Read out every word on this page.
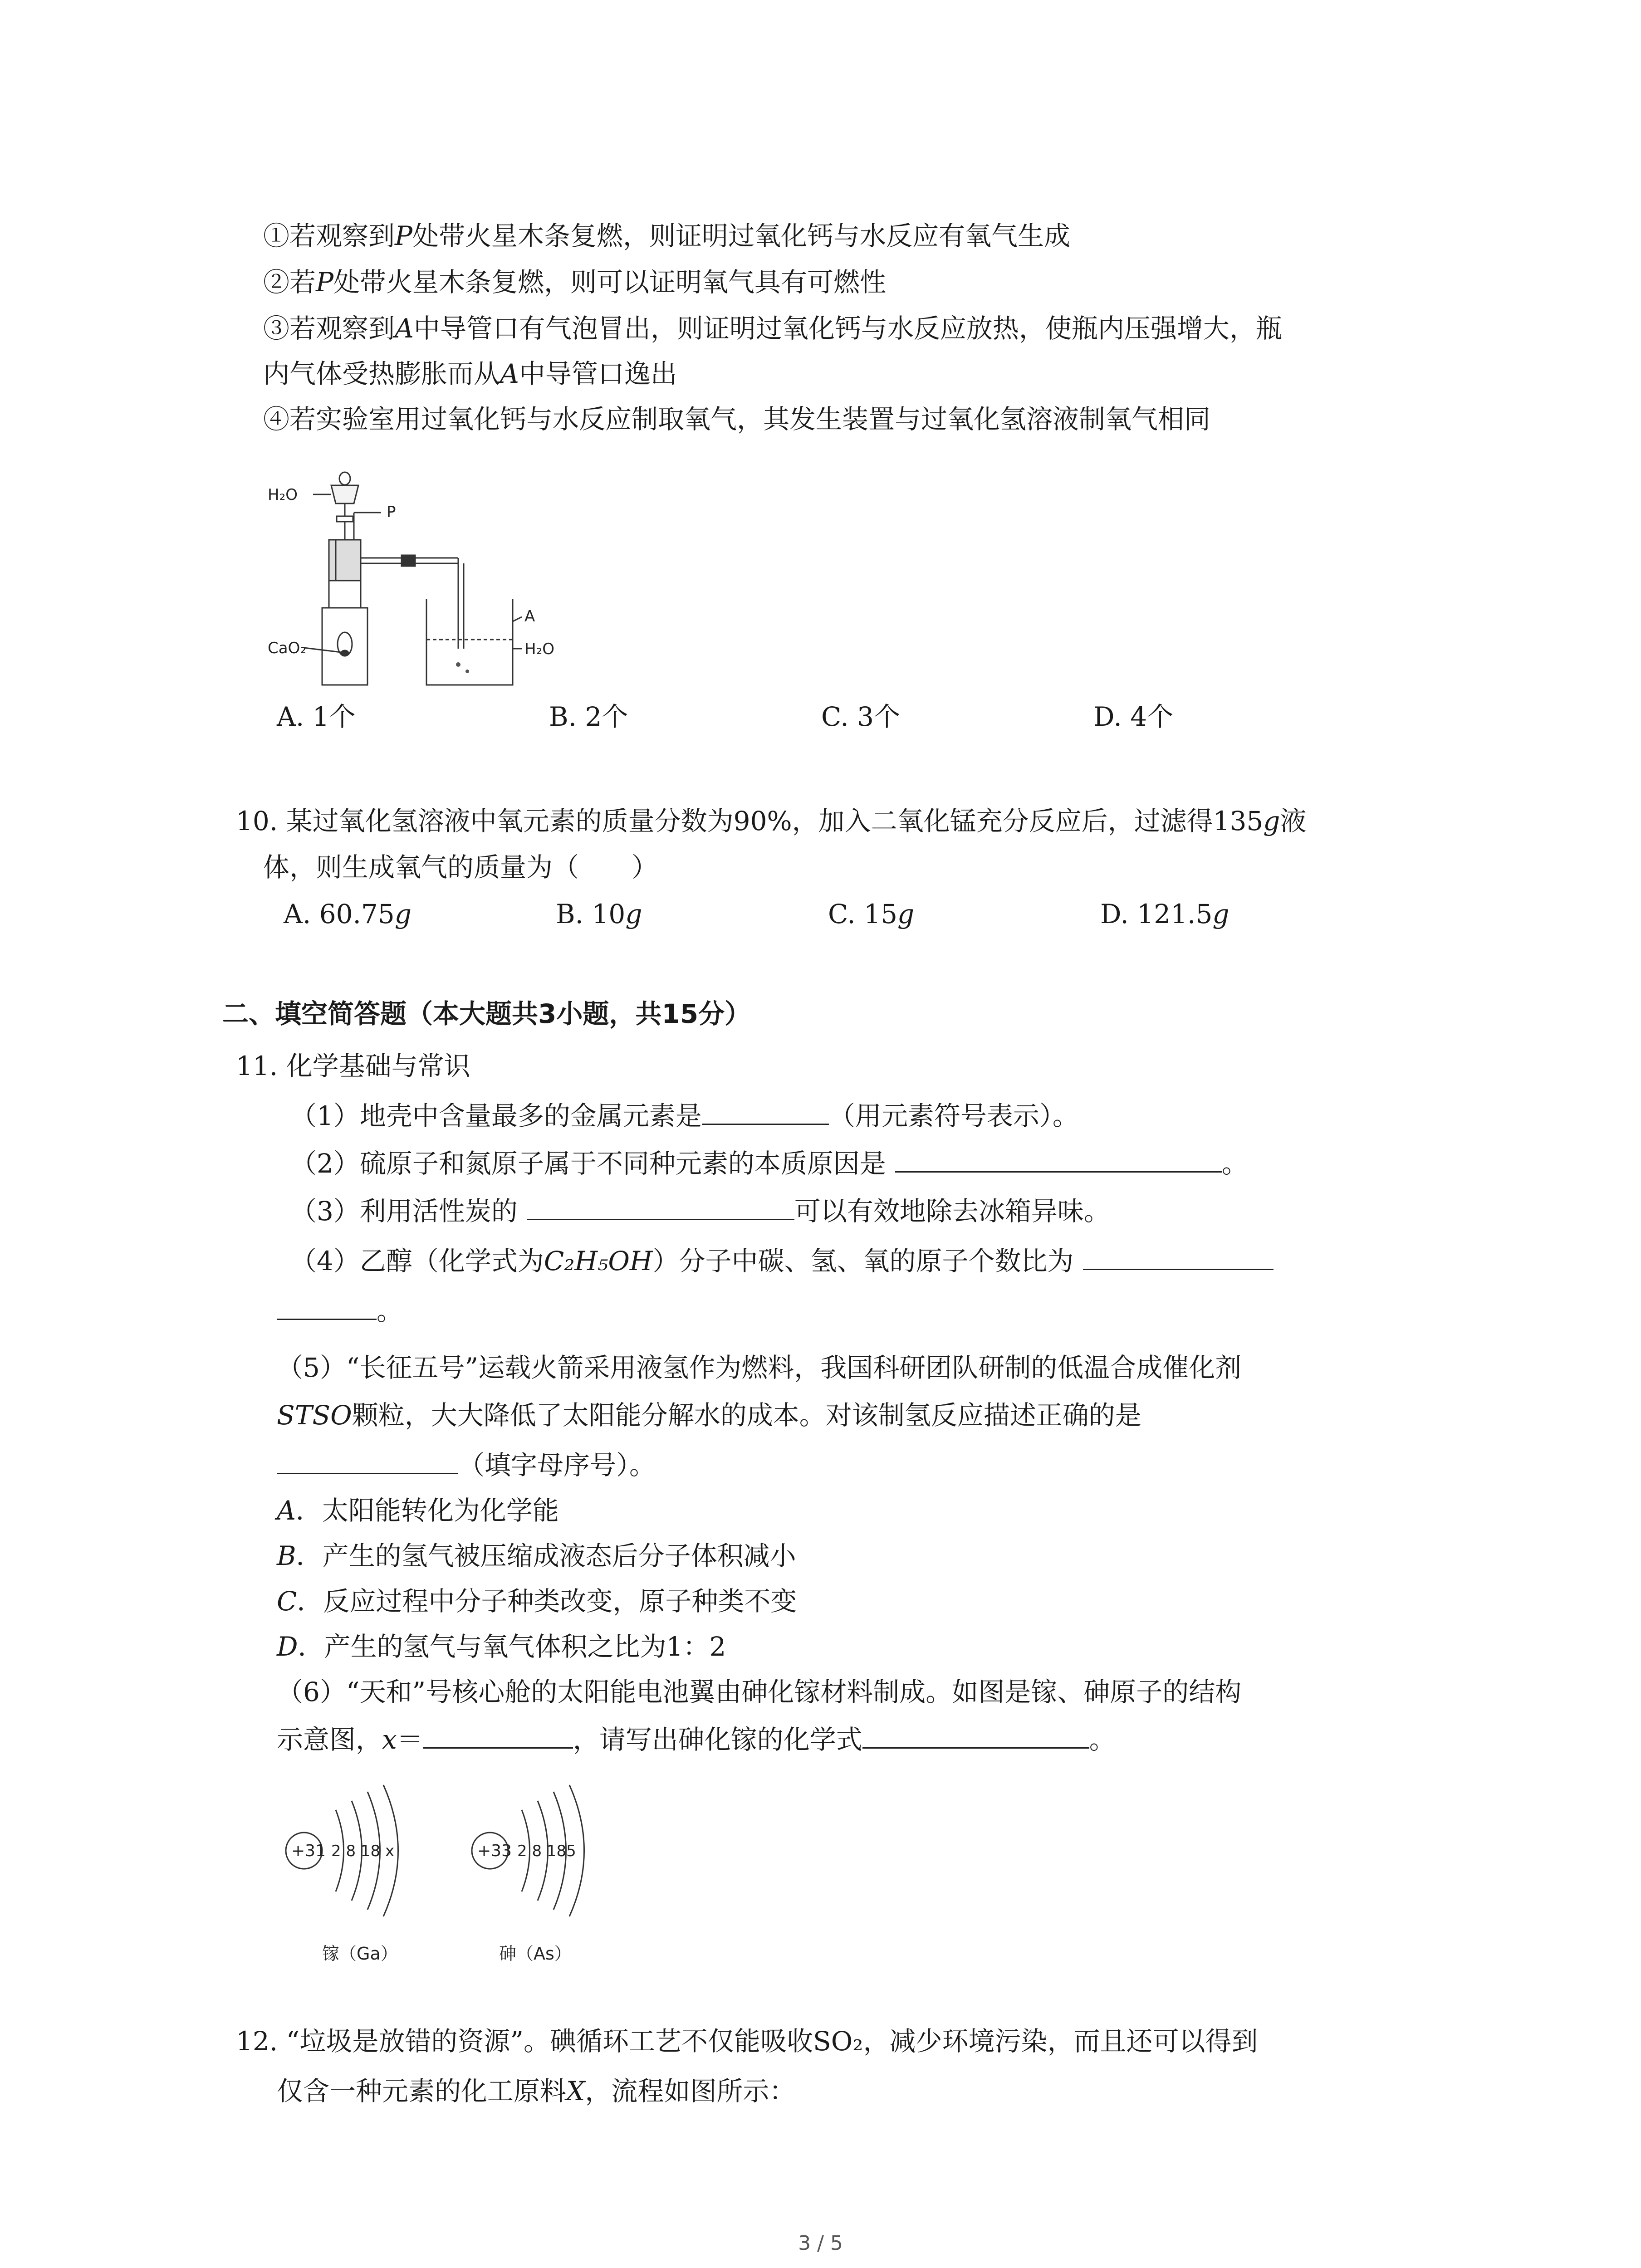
①若观察到P处带火星木条复燃，则证明过氧化钙与水反应有氧气生成
②若P处带火星木条复燃，则可以证明氧气具有可燃性
③若观察到A中导管口有气泡冒出，则证明过氧化钙与水反应放热，使瓶内压强增大，瓶
内气体受热膨胀而从A中导管口逸出
④若实验室用过氧化钙与水反应制取氧气，其发生装置与过氧化氢溶液制氧气相同
H₂O
P
CaO₂
A
H₂O
A. 1个	B. 2个	C. 3个	D. 4个
10. 某过氧化氢溶液中氧元素的质量分数为90%，加入二氧化锰充分反应后，过滤得135g液
体，则生成氧气的质量为（　　）
A. 60.75g	B. 10g	C. 15g	D. 121.5g
二、填空简答题（本大题共3小题，共15分）
11. 化学基础与常识
（1）地壳中含量最多的金属元素是	（用元素符号表示）。
（2）硫原子和氮原子属于不同种元素的本质原因是	。
（3）利用活性炭的	可以有效地除去冰箱异味。
（4）乙醇（化学式为C₂H₅OH）分子中碳、氢、氧的原子个数比为
。
（5）“长征五号”运载火箭采用液氢作为燃料，我国科研团队研制的低温合成催化剂
STSO颗粒，大大降低了太阳能分解水的成本。对该制氢反应描述正确的是
（填字母序号）。
A．太阳能转化为化学能
B．产生的氢气被压缩成液态后分子体积减小
C．反应过程中分子种类改变，原子种类不变
D．产生的氢气与氧气体积之比为1：2
（6）“天和”号核心舱的太阳能电池翼由砷化镓材料制成。如图是镓、砷原子的结构
示意图，x＝	，请写出砷化镓的化学式	。
+31 2 8 18 x	+33 2 8 185
镓（Ga）	砷（As）
12. “垃圾是放错的资源”。碘循环工艺不仅能吸收SO₂，减少环境污染，而且还可以得到
仅含一种元素的化工原料X，流程如图所示：
3 / 5
